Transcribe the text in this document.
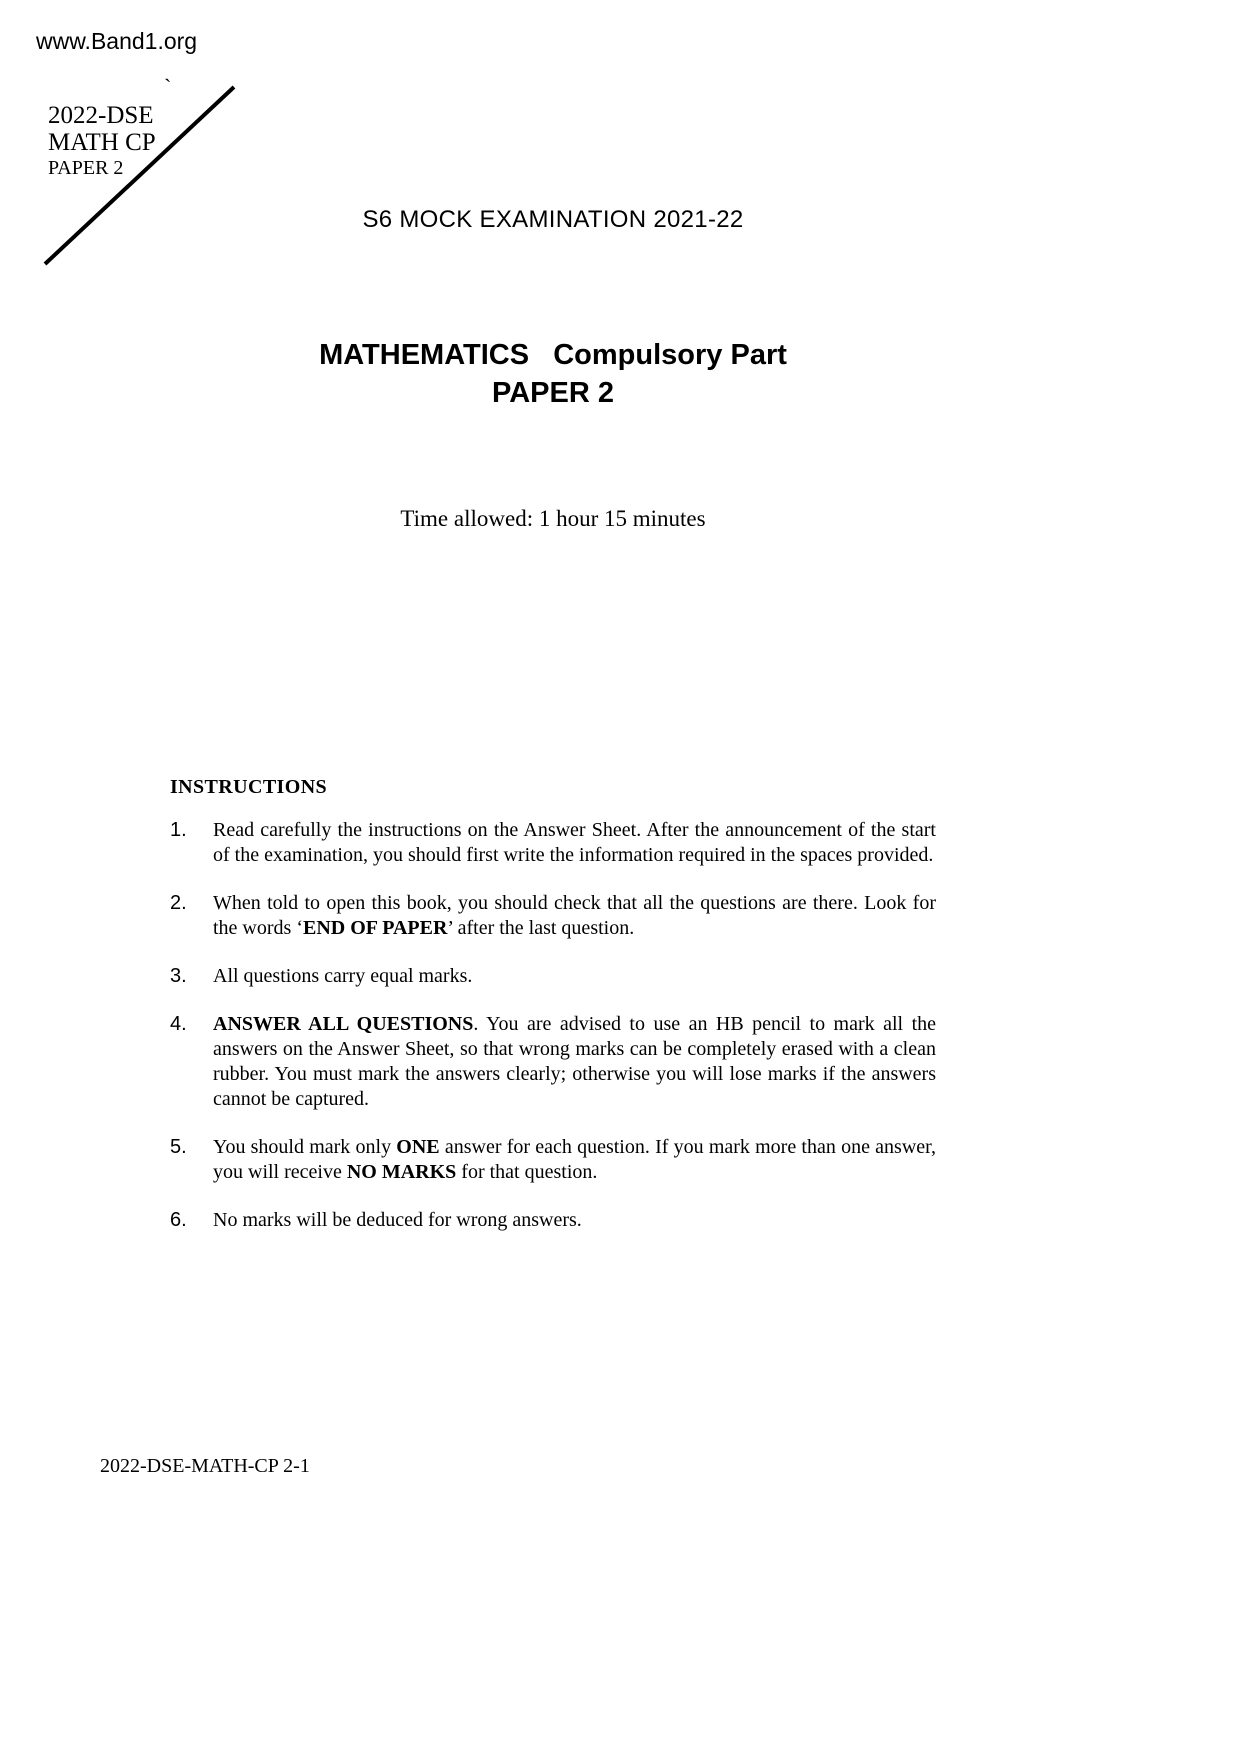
www.Band1.org
2022-DSE
MATH CP
PAPER 2
`
S6 MOCK EXAMINATION 2021-22
MATHEMATICS   Compulsory Part
PAPER 2
Time allowed: 1 hour 15 minutes
INSTRUCTIONS
1.	Read carefully the instructions on the Answer Sheet. After the announcement of the start of the examination, you should first write the information required in the spaces provided.
2.	When told to open this book, you should check that all the questions are there. Look for the words ‘END OF PAPER’ after the last question.
3.	All questions carry equal marks.
4.	ANSWER ALL QUESTIONS. You are advised to use an HB pencil to mark all the answers on the Answer Sheet, so that wrong marks can be completely erased with a clean rubber. You must mark the answers clearly; otherwise you will lose marks if the answers cannot be captured.
5.	You should mark only ONE answer for each question. If you mark more than one answer, you will receive NO MARKS for that question.
6.	No marks will be deduced for wrong answers.
2022-DSE-MATH-CP 2-1
